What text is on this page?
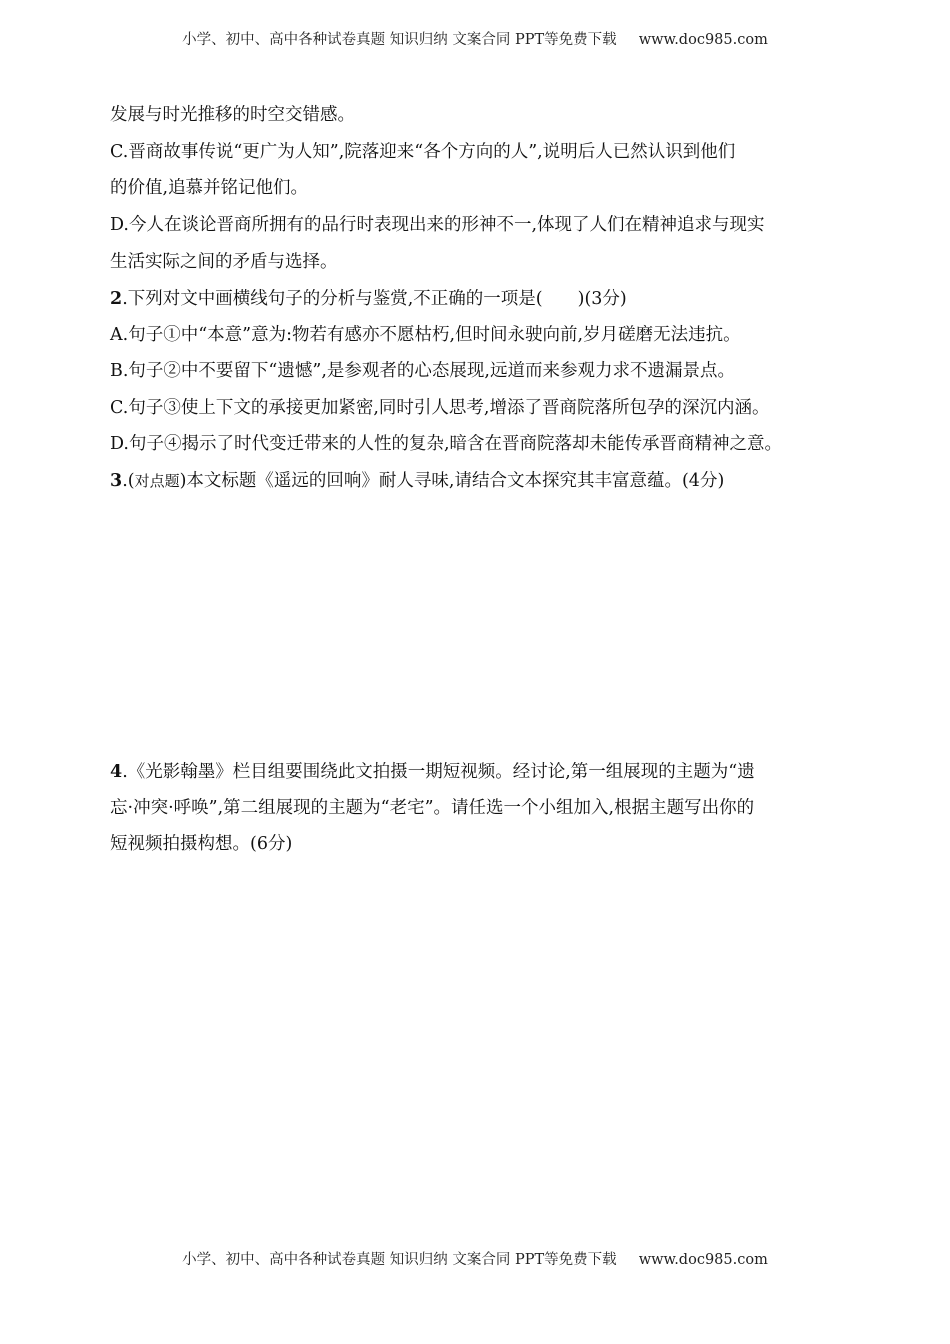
小学、初中、高中各种试卷真题 知识归纳 文案合同 PPT等免费下载 www.doc985.com
发展与时光推移的时空交错感。
C.晋商故事传说“更广为人知”,院落迎来“各个方向的人”,说明后人已然认识到他们
的价值,追慕并铭记他们。
D.今人在谈论晋商所拥有的品行时表现出来的形神不一,体现了人们在精神追求与现实
生活实际之间的矛盾与选择。
2.下列对文中画横线句子的分析与鉴赏,不正确的一项是(　　)(3分)
A.句子①中“本意”意为:物若有感亦不愿枯朽,但时间永驶向前,岁月磋磨无法违抗。
B.句子②中不要留下“遗憾”,是参观者的心态展现,远道而来参观力求不遗漏景点。
C.句子③使上下文的承接更加紧密,同时引人思考,增添了晋商院落所包孕的深沉内涵。
D.句子④揭示了时代变迁带来的人性的复杂,暗含在晋商院落却未能传承晋商精神之意。
3.(对点题)本文标题《遥远的回响》耐人寻味,请结合文本探究其丰富意蕴。(4分)
4.《光影翰墨》栏目组要围绕此文拍摄一期短视频。经讨论,第一组展现的主题为“遗
忘·冲突·呼唤”,第二组展现的主题为“老宅”。请任选一个小组加入,根据主题写出你的
短视频拍摄构想。(6分)
小学、初中、高中各种试卷真题 知识归纳 文案合同 PPT等免费下载 www.doc985.com
